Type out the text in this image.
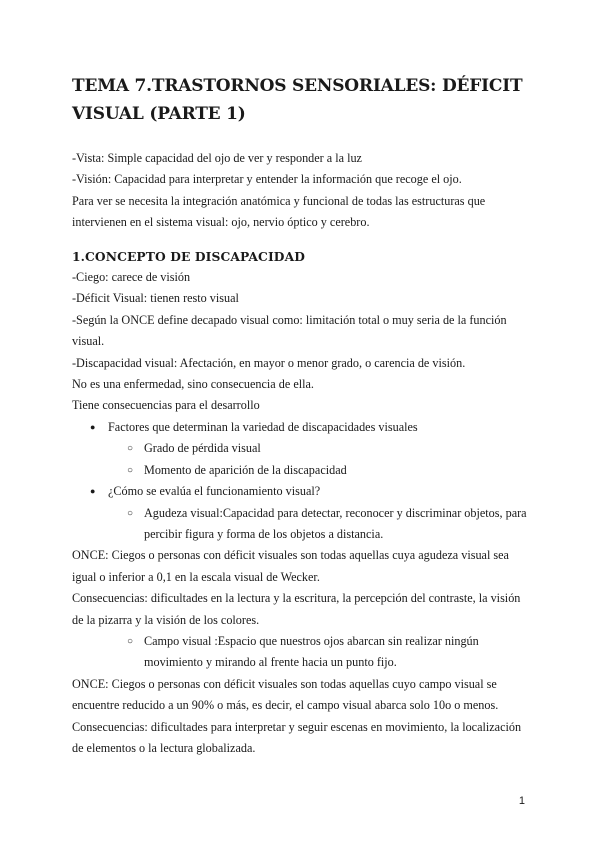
TEMA 7.TRASTORNOS SENSORIALES: DÉFICIT VISUAL (PARTE 1)

-Vista: Simple capacidad del ojo de ver y responder a la luz

-Visión: Capacidad para interpretar y entender la información que recoge el ojo.

Para ver se necesita la integración anatómica y funcional de todas las estructuras que intervienen en el sistema visual: ojo, nervio óptico y cerebro.

1.CONCEPTO DE DISCAPACIDAD

-Ciego: carece de visión

-Déficit Visual: tienen resto visual

-Según la ONCE define decapado visual como: limitación total o muy seria de la función visual.

-Discapacidad visual: Afectación, en mayor o menor grado, o carencia de visión.

No es una enfermedad, sino consecuencia de ella.

Tiene consecuencias para el desarrollo

● Factores que determinan la variedad de discapacidades visuales
○ Grado de pérdida visual
○ Momento de aparición de la discapacidad
● ¿Cómo se evalúa el funcionamiento visual?
○ Agudeza visual:Capacidad para detectar, reconocer y discriminar objetos, para percibir figura y forma de los objetos a distancia.

ONCE: Ciegos o personas con déficit visuales son todas aquellas cuya agudeza visual sea igual o inferior a 0,1 en la escala visual de Wecker.

Consecuencias: dificultades en la lectura y la escritura, la percepción del contraste, la visión de la pizarra y la visión de los colores.

○ Campo visual :Espacio que nuestros ojos abarcan sin realizar ningún movimiento y mirando al frente hacia un punto fijo.

ONCE: Ciegos o personas con déficit visuales son todas aquellas cuyo campo visual se encuentre reducido a un 90% o más, es decir, el campo visual abarca solo 10o o menos.

Consecuencias: dificultades para interpretar y seguir escenas en movimiento, la localización de elementos o la lectura globalizada.

1
